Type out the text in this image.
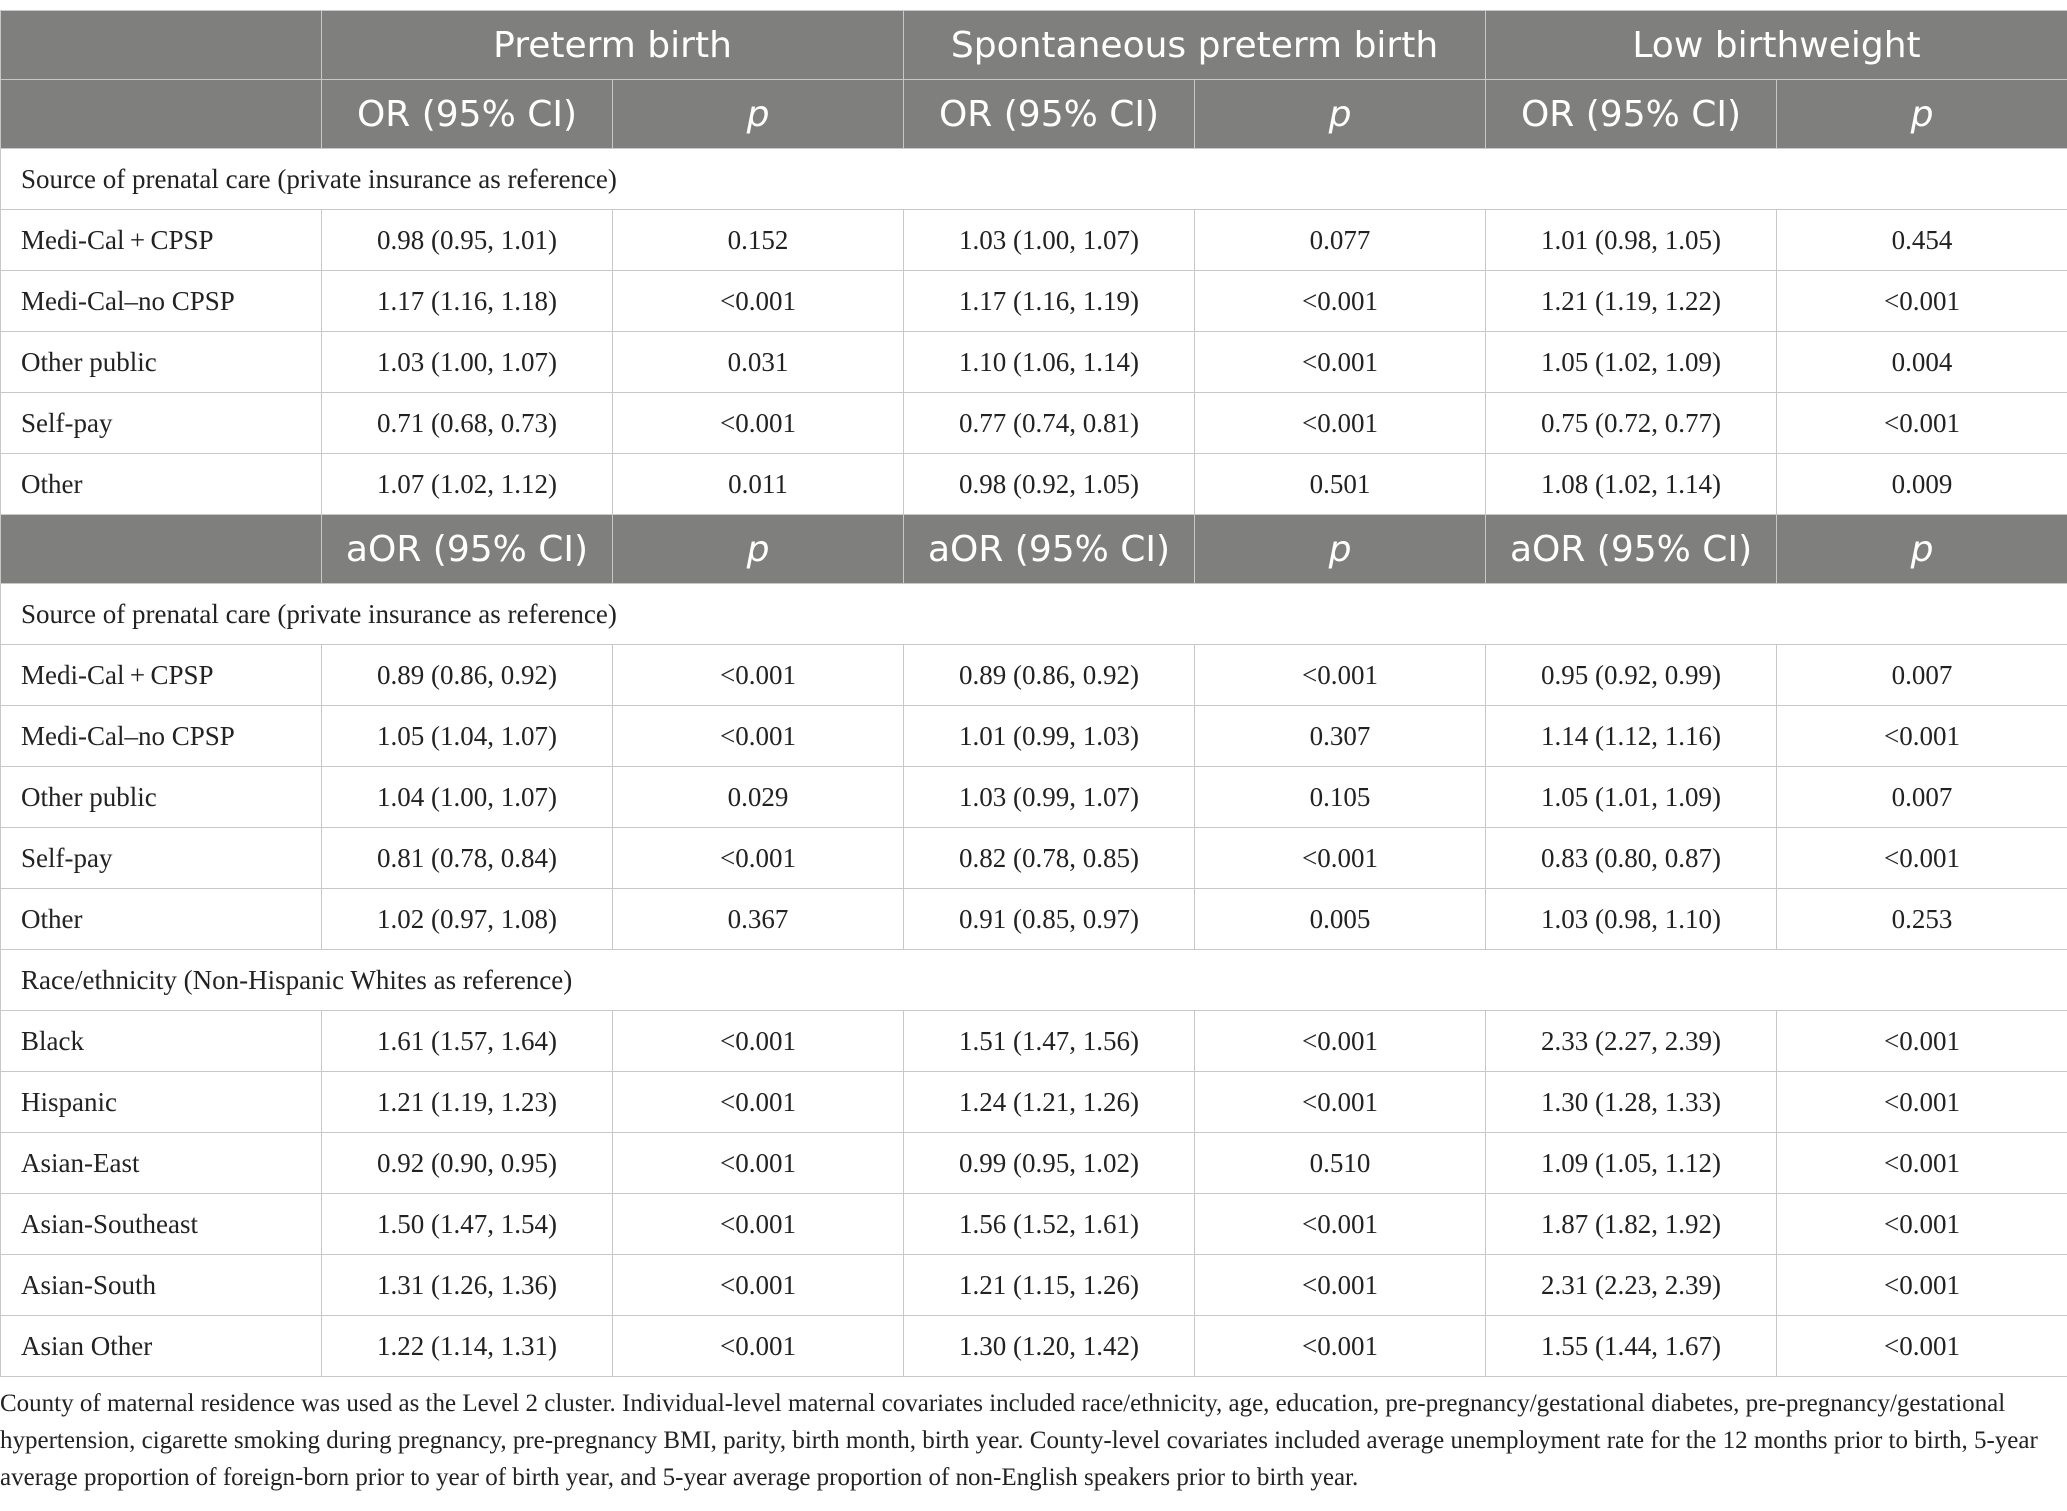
	Preterm birth		Spontaneous preterm birth		Low birthweight	
	OR (95% CI)	p	OR (95% CI)	p	OR (95% CI)	p
Source of prenatal care (private insurance as reference)						
Medi-Cal + CPSP	0.98 (0.95, 1.01)	0.152	1.03 (1.00, 1.07)	0.077	1.01 (0.98, 1.05)	0.454
Medi-Cal–no CPSP	1.17 (1.16, 1.18)	<0.001	1.17 (1.16, 1.19)	<0.001	1.21 (1.19, 1.22)	<0.001
Other public	1.03 (1.00, 1.07)	0.031	1.10 (1.06, 1.14)	<0.001	1.05 (1.02, 1.09)	0.004
Self-pay	0.71 (0.68, 0.73)	<0.001	0.77 (0.74, 0.81)	<0.001	0.75 (0.72, 0.77)	<0.001
Other	1.07 (1.02, 1.12)	0.011	0.98 (0.92, 1.05)	0.501	1.08 (1.02, 1.14)	0.009
	aOR (95% CI)	p	aOR (95% CI)	p	aOR (95% CI)	p
Source of prenatal care (private insurance as reference)						
Medi-Cal + CPSP	0.89 (0.86, 0.92)	<0.001	0.89 (0.86, 0.92)	<0.001	0.95 (0.92, 0.99)	0.007
Medi-Cal–no CPSP	1.05 (1.04, 1.07)	<0.001	1.01 (0.99, 1.03)	0.307	1.14 (1.12, 1.16)	<0.001
Other public	1.04 (1.00, 1.07)	0.029	1.03 (0.99, 1.07)	0.105	1.05 (1.01, 1.09)	0.007
Self-pay	0.81 (0.78, 0.84)	<0.001	0.82 (0.78, 0.85)	<0.001	0.83 (0.80, 0.87)	<0.001
Other	1.02 (0.97, 1.08)	0.367	0.91 (0.85, 0.97)	0.005	1.03 (0.98, 1.10)	0.253
Race/ethnicity (Non-Hispanic Whites as reference)						
Black	1.61 (1.57, 1.64)	<0.001	1.51 (1.47, 1.56)	<0.001	2.33 (2.27, 2.39)	<0.001
Hispanic	1.21 (1.19, 1.23)	<0.001	1.24 (1.21, 1.26)	<0.001	1.30 (1.28, 1.33)	<0.001
Asian-East	0.92 (0.90, 0.95)	<0.001	0.99 (0.95, 1.02)	0.510	1.09 (1.05, 1.12)	<0.001
Asian-Southeast	1.50 (1.47, 1.54)	<0.001	1.56 (1.52, 1.61)	<0.001	1.87 (1.82, 1.92)	<0.001
Asian-South	1.31 (1.26, 1.36)	<0.001	1.21 (1.15, 1.26)	<0.001	2.31 (2.23, 2.39)	<0.001
Asian Other	1.22 (1.14, 1.31)	<0.001	1.30 (1.20, 1.42)	<0.001	1.55 (1.44, 1.67)	<0.001
County of maternal residence was used as the Level 2 cluster. Individual-level maternal covariates included race/ethnicity, age, education, pre-pregnancy/gestational diabetes, pre-pregnancy/gestational hypertension, cigarette smoking during pregnancy, pre-pregnancy BMI, parity, birth month, birth year. County-level covariates included average unemployment rate for the 12 months prior to birth, 5-year average proportion of foreign-born prior to year of birth year, and 5-year average proportion of non-English speakers prior to birth year.
